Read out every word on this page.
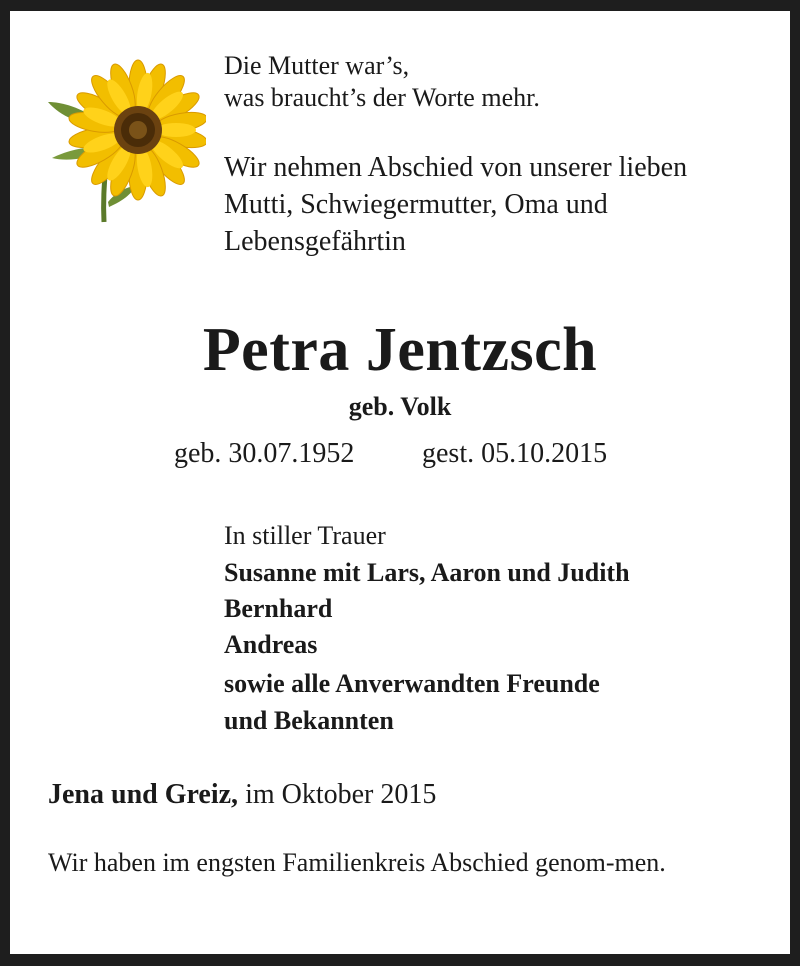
Die Mutter war’s,
was braucht’s der Worte mehr.
Wir nehmen Abschied von unserer lieben
Mutti, Schwiegermutter, Oma und
Lebensgefährtin
Petra Jentzsch
geb. Volk
geb. 30.07.1952 gest. 05.10.2015
In stiller Trauer
Susanne mit Lars, Aaron und Judith
Bernhard
Andreas
sowie alle Anverwandten Freunde
und Bekannten
Jena und Greiz, im Oktober 2015
Wir haben im engsten Familienkreis Abschied genom-men.
